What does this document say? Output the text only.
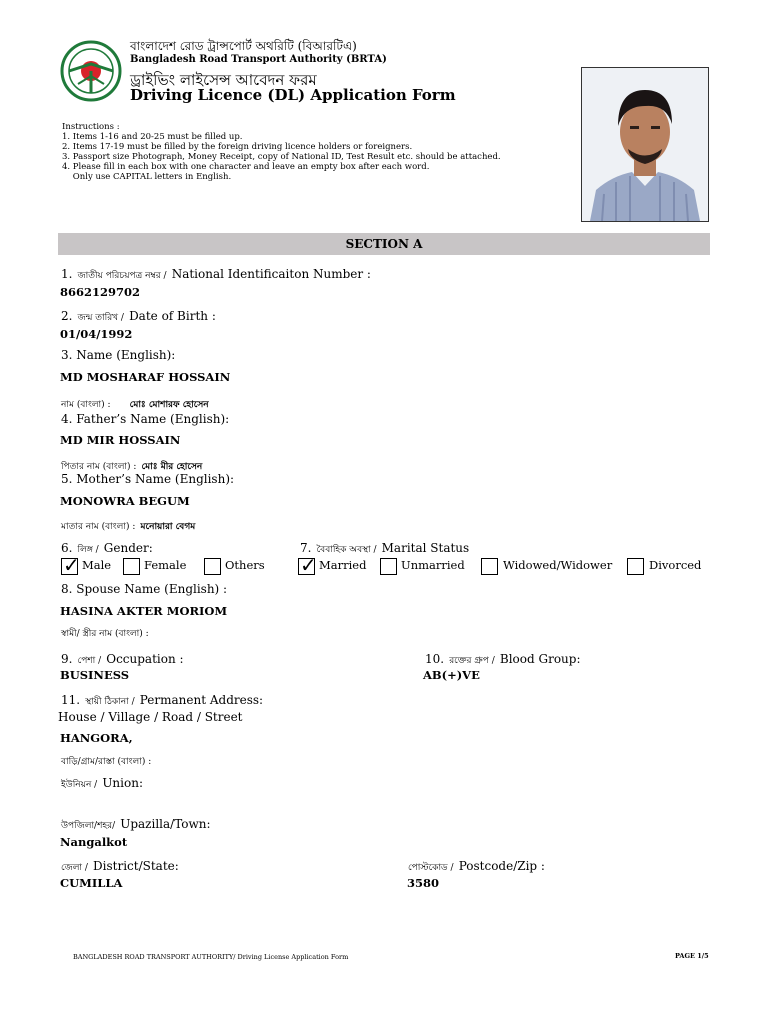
বাংলাদেশ রোড ট্রান্সপোর্ট অথরিটি (বিআরটিএ)
Bangladesh Road Transport Authority (BRTA)
ড্রাইভিং লাইসেন্স আবেদন ফরম
Driving Licence (DL) Application Form
Instructions :
1. Items 1-16 and 20-25 must be filled up.
2. Items 17-19 must be filled by the foreign driving licence holders or foreigners.
3. Passport size Photograph, Money Receipt, copy of National ID, Test Result etc. should be attached.
4. Please fill in each box with one character and leave an empty box after each word.
Only use CAPITAL letters in English.
SECTION A
1. জাতীয় পরিচয়পত্র নম্বর / National Identificaiton Number :
8662129702
2. জন্ম তারিখ / Date of Birth :
01/04/1992
3. Name (English):
MD MOSHARAF HOSSAIN
নাম (বাংলা) : মোঃ মোশারফ হোসেন
4. Father’s Name (English):
MD MIR HOSSAIN
পিতার নাম (বাংলা) : মোঃ মীর হোসেন
5. Mother’s Name (English):
MONOWRA BEGUM
মাতার নাম (বাংলা) : মনোয়ারা বেগম
6. লিঙ্গ / Gender:
✓ Male	Female	Others
7. বৈবাহিক অবস্থা / Marital Status
✓ Married	Unmarried	Widowed/Widower	Divorced
8. Spouse Name (English) :
HASINA AKTER MORIOM
স্বামী/ স্ত্রীর নাম (বাংলা) :
9. পেশা / Occupation :
BUSINESS
10. রক্তের গ্রুপ / Blood Group:
AB(+)VE
11. স্থায়ী ঠিকানা / Permanent Address:
House / Village / Road / Street
HANGORA,
বাড়ি/গ্রাম/রাস্তা (বাংলা) :
ইউনিয়ন / Union:
উপজিলা/শহর/ Upazilla/Town:
Nangalkot
জেলা / District/State:
CUMILLA
পোস্টকোড / Postcode/Zip :
3580
BANGLADESH ROAD TRANSPORT AUTHORITY/ Driving License Application Form	PAGE 1/5
